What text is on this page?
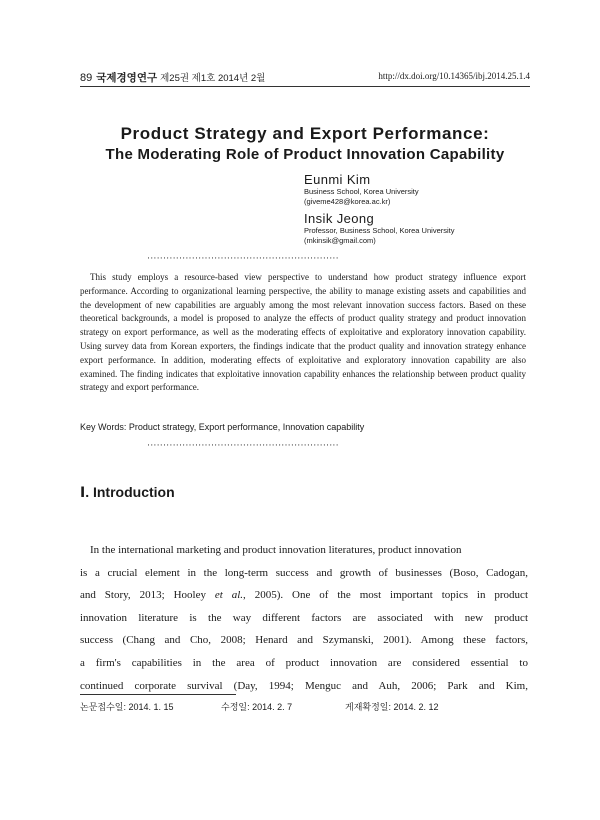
89 국제경영연구 제25권 제1호 2014년 2월	http://dx.doi.org/10.14365/ibj.2014.25.1.4
Product Strategy and Export Performance:
The Moderating Role of Product Innovation Capability
Eunmi Kim
Business School, Korea University
(giveme428@korea.ac.kr)
Insik Jeong
Professor, Business School, Korea University
(mkinsik@gmail.com)
····························································
This study employs a resource-based view perspective to understand how product strategy influence export performance. According to organizational learning perspective, the ability to manage existing assets and capabilities and the development of new capabilities are arguably among the most relevant innovation success factors. Based on these theoretical backgrounds, a model is proposed to analyze the effects of product quality strategy and product innovation strategy on export performance, as well as the moderating effects of exploitative and exploratory innovation capability. Using survey data from Korean exporters, the findings indicate that the product quality and innovation strategy enhance export performance. In addition, moderating effects of exploitative and exploratory innovation capability are also examined. The finding indicates that exploitative innovation capability enhances the relationship between product quality strategy and export performance.
Key Words: Product strategy, Export performance, Innovation capability
····························································
Ⅰ. Introduction
In the international marketing and product innovation literatures, product innovation
is a crucial element in the long-term success and growth of businesses (Boso, Cadogan,
and Story, 2013; Hooley et al., 2005). One of the most important topics in product
innovation literature is the way different factors are associated with new product
success (Chang and Cho, 2008; Henard and Szymanski, 2001). Among these factors,
a firm's capabilities in the area of product innovation are considered essential to
continued corporate survival (Day, 1994; Menguc and Auh, 2006; Park and Kim,
논문접수일: 2014. 1. 15	수정일: 2014. 2. 7	게재확정일: 2014. 2. 12
